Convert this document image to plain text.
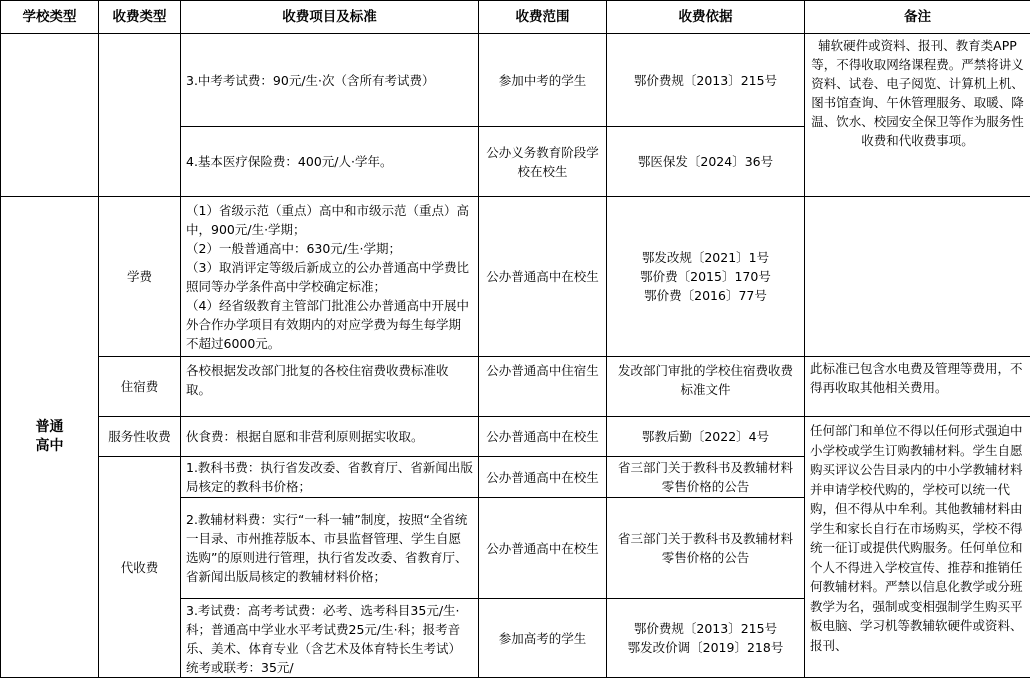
学校类型	收费类型	收费项目及标准	收费范围	收费依据	备注
		3.中考考试费：90元/生·次（含所有考试费）	参加中考的学生	鄂价费规〔2013〕215号	辅软硬件或资料、报刊、教育类APP等，不得收取网络课程费。严禁将讲义资料、试卷、电子阅览、计算机上机、图书馆查询、午休管理服务、取暖、降温、饮水、校园安全保卫等作为服务性收费和代收费事项。
		4.基本医疗保险费：400元/人·学年。	公办义务教育阶段学校在校生	鄂医保发〔2024〕36号	

普通
高中	学费	（1）省级示范（重点）高中和市级示范（重点）高中，900元/生·学期；
（2）一般普通高中：630元/生·学期；
（3）取消评定等级后新成立的公办普通高中学费比照同等办学条件高中学校确定标准；
（4）经省级教育主管部门批准公办普通高中开展中外合作办学项目有效期内的对应学费为每生每学期不超过6000元。	公办普通高中在校生	鄂发改规〔2021〕1号
鄂价费〔2015〕170号
鄂价费〔2016〕77号	

	住宿费	各校根据发改部门批复的各校住宿费收费标准收取。	公办普通高中住宿生	发改部门审批的学校住宿费收费标准文件	此标准已包含水电费及管理等费用，不得再收取其他相关费用。
	服务性收费	伙食费：根据自愿和非营利原则据实收取。	公办普通高中在校生	鄂教后勤〔2022〕4号	任何部门和单位不得以任何形式强迫中小学校或学生订购教辅材料。学生自愿购买评议公告目录内的中小学教辅材料并申请学校代购的，学校可以统一代购，但不得从中牟利。其他教辅材料由学生和家长自行在市场购买，学校不得统一征订或提供代购服务。任何单位和个人不得进入学校宣传、推荐和推销任何教辅材料。严禁以信息化教学或分班教学为名，强制或变相强制学生购买平板电脑、学习机等教辅软硬件或资料、报刊、
	代收费	1.教科书费：执行省发改委、省教育厅、省新闻出版局核定的教科书价格；	公办普通高中在校生	省三部门关于教科书及教辅材料零售价格的公告	
		2.教辅材料费：实行“一科一辅”制度，按照“全省统一目录、市州推荐版本、市县监督管理、学生自愿选购”的原则进行管理，执行省发改委、省教育厅、省新闻出版局核定的教辅材料价格；	公办普通高中在校生	省三部门关于教科书及教辅材料零售价格的公告	
		3.考试费：高考考试费：必考、选考科目35元/生·科；普通高中学业水平考试费25元/生·科；报考音乐、美术、体育专业（含艺术及体育特长生考试）统考或联考：35元/	参加高考的学生	鄂价费规〔2013〕215号
鄂发改价调〔2019〕218号	
